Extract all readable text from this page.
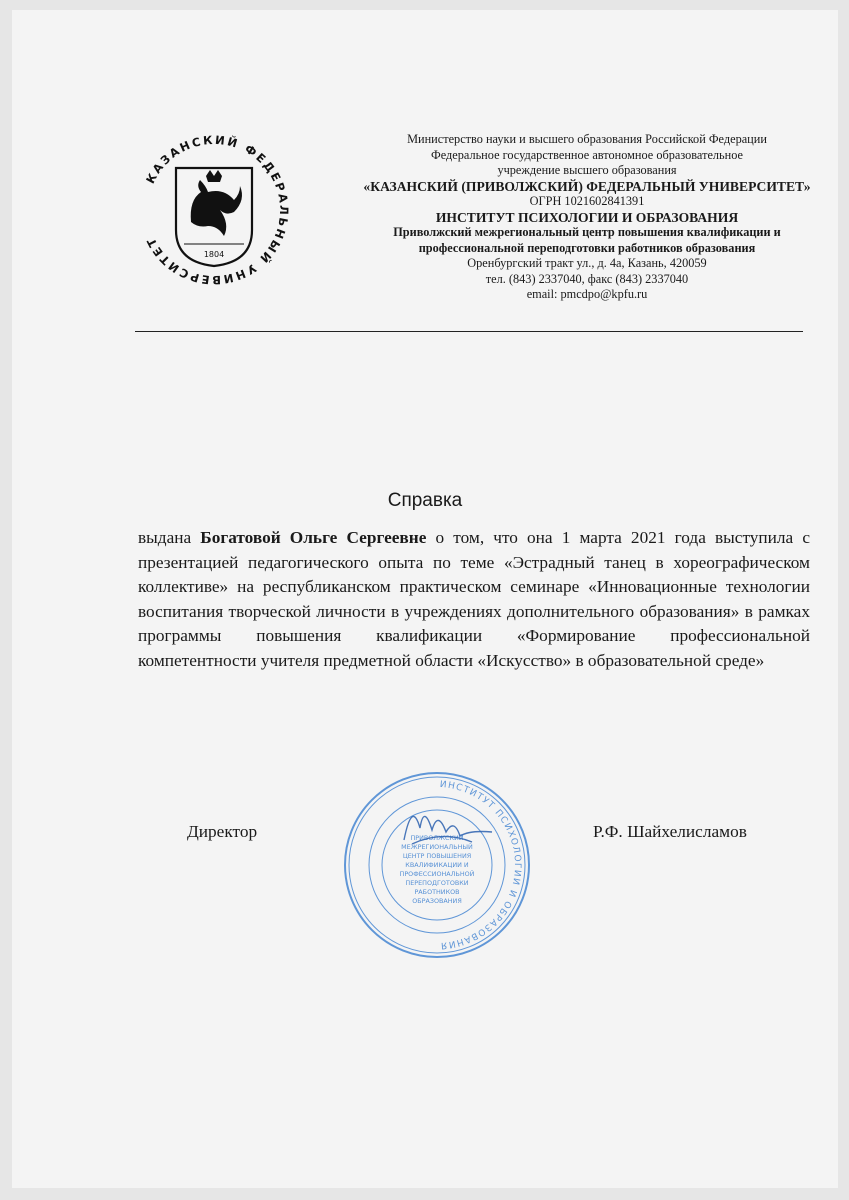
КАЗАНСКИЙ ФЕДЕРАЛЬНЫЙ УНИВЕРСИТЕТ
1804
Министерство науки и высшего образования Российской Федерации
Федеральное государственное автономное образовательное
учреждение высшего образования
«КАЗАНСКИЙ (ПРИВОЛЖСКИЙ) ФЕДЕРАЛЬНЫЙ УНИВЕРСИТЕТ»
ОГРН 1021602841391
ИНСТИТУТ ПСИХОЛОГИИ И ОБРАЗОВАНИЯ
Приволжский межрегиональный центр повышения квалификации и
профессиональной переподготовки работников образования
Оренбургский тракт ул., д. 4а, Казань, 420059
тел. (843) 2337040, факс (843) 2337040
email: pmcdpo@kpfu.ru
Справка

выдана Богатовой Ольге Сергеевне о том, что она 1 марта 2021 года выступила с презентацией педагогического опыта по теме «Эстрадный танец в хореографическом коллективе» на республиканском практическом семинаре «Инновационные технологии воспитания творческой личности в учреждениях дополнительного образования» в рамках программы повышения квалификации «Формирование профессиональной компетентности учителя предметной области «Искусство» в образовательной среде»

Директор	Р.Ф. Шайхелисламов
ИНСТИТУТ ПСИХОЛОГИИ И ОБРАЗОВАНИЯ
ПРИВОЛЖСКИЙ
МЕЖРЕГИОНАЛЬНЫЙ
ЦЕНТР ПОВЫШЕНИЯ
КВАЛИФИКАЦИИ И
ПРОФЕССИОНАЛЬНОЙ
ПЕРЕПОДГОТОВКИ
РАБОТНИКОВ
ОБРАЗОВАНИЯ
